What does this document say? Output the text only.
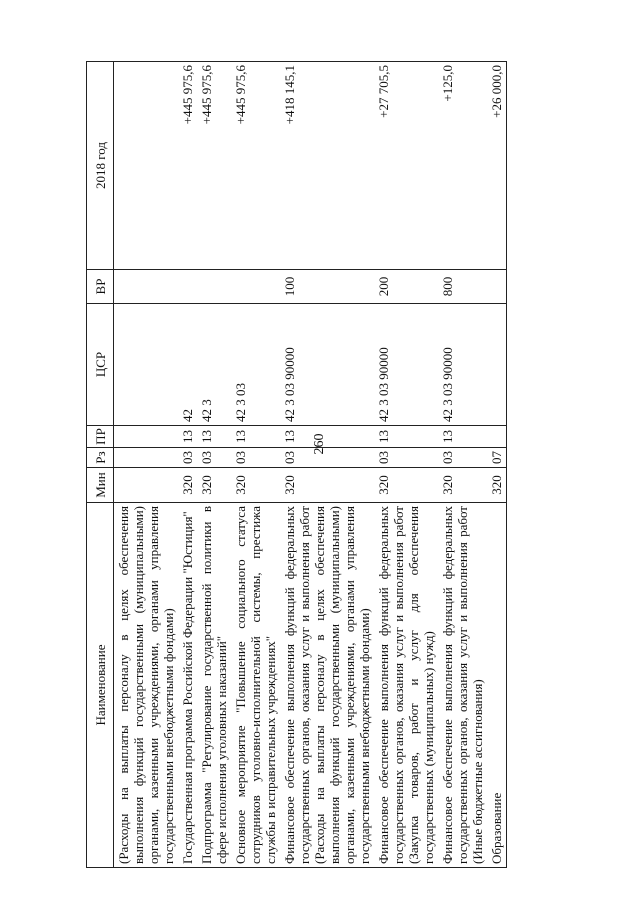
260
Наименование	Мин	Рз	ПР	ЦСР	ВР	2018 год
(Расходы на выплаты персоналу в целях обеспечения выполнения функций государственными (муниципальными) органами, казенными учреждениями, органами управления государственными внебюджетными фондами)						
Государственная программа Российской Федерации "Юстиция"	320	03	13	42		+445 975,6
Подпрограмма "Регулирование государственной политики в сфере исполнения уголовных наказаний"	320	03	13	42 3		+445 975,6
Основное мероприятие "Повышение социального статуса сотрудников уголовно-исполнительной системы, престижа службы в исправительных учреждениях"	320	03	13	42 3 03		+445 975,6
Финансовое обеспечение выполнения функций федеральных государственных органов, оказания услуг и выполнения работ (Расходы на выплаты персоналу в целях обеспечения выполнения функций государственными (муниципальными) органами, казенными учреждениями, органами управления государственными внебюджетными фондами)	320	03	13	42 3 03 90000	100	+418 145,1
Финансовое обеспечение выполнения функций федеральных государственных органов, оказания услуг и выполнения работ (Закупка товаров, работ и услуг для обеспечения государственных (муниципальных) нужд)	320	03	13	42 3 03 90000	200	+27 705,5
Финансовое обеспечение выполнения функций федеральных государственных органов, оказания услуг и выполнения работ (Иные бюджетные ассигнования)	320	03	13	42 3 03 90000	800	+125,0
Образование	320	07				+26 000,0
